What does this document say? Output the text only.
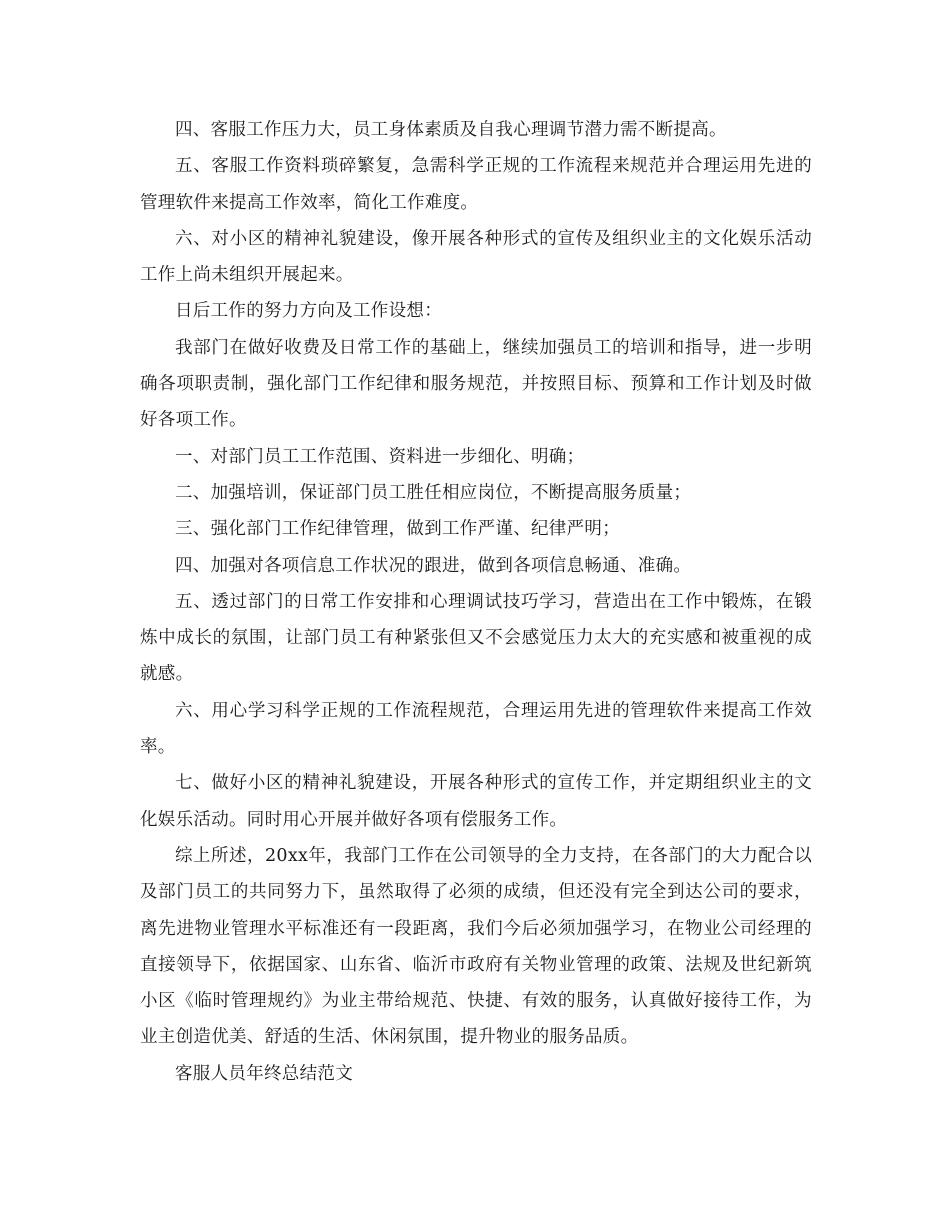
四、客服工作压力大，员工身体素质及自我心理调节潜力需不断提高。

五、客服工作资料琐碎繁复，急需科学正规的工作流程来规范并合理运用先进的管理软件来提高工作效率，简化工作难度。

六、对小区的精神礼貌建设，像开展各种形式的宣传及组织业主的文化娱乐活动工作上尚未组织开展起来。

日后工作的努力方向及工作设想：

我部门在做好收费及日常工作的基础上，继续加强员工的培训和指导，进一步明确各项职责制，强化部门工作纪律和服务规范，并按照目标、预算和工作计划及时做好各项工作。

一、对部门员工工作范围、资料进一步细化、明确；

二、加强培训，保证部门员工胜任相应岗位，不断提高服务质量；

三、强化部门工作纪律管理，做到工作严谨、纪律严明；

四、加强对各项信息工作状况的跟进，做到各项信息畅通、准确。

五、透过部门的日常工作安排和心理调试技巧学习，营造出在工作中锻炼，在锻炼中成长的氛围，让部门员工有种紧张但又不会感觉压力太大的充实感和被重视的成就感。

六、用心学习科学正规的工作流程规范，合理运用先进的管理软件来提高工作效率。

七、做好小区的精神礼貌建设，开展各种形式的宣传工作，并定期组织业主的文化娱乐活动。同时用心开展并做好各项有偿服务工作。

综上所述，20xx年，我部门工作在公司领导的全力支持，在各部门的大力配合以及部门员工的共同努力下，虽然取得了必须的成绩，但还没有完全到达公司的要求，离先进物业管理水平标准还有一段距离，我们今后必须加强学习，在物业公司经理的直接领导下，依据国家、山东省、临沂市政府有关物业管理的政策、法规及世纪新筑小区《临时管理规约》为业主带给规范、快捷、有效的服务，认真做好接待工作，为业主创造优美、舒适的生活、休闲氛围，提升物业的服务品质。

客服人员年终总结范文
